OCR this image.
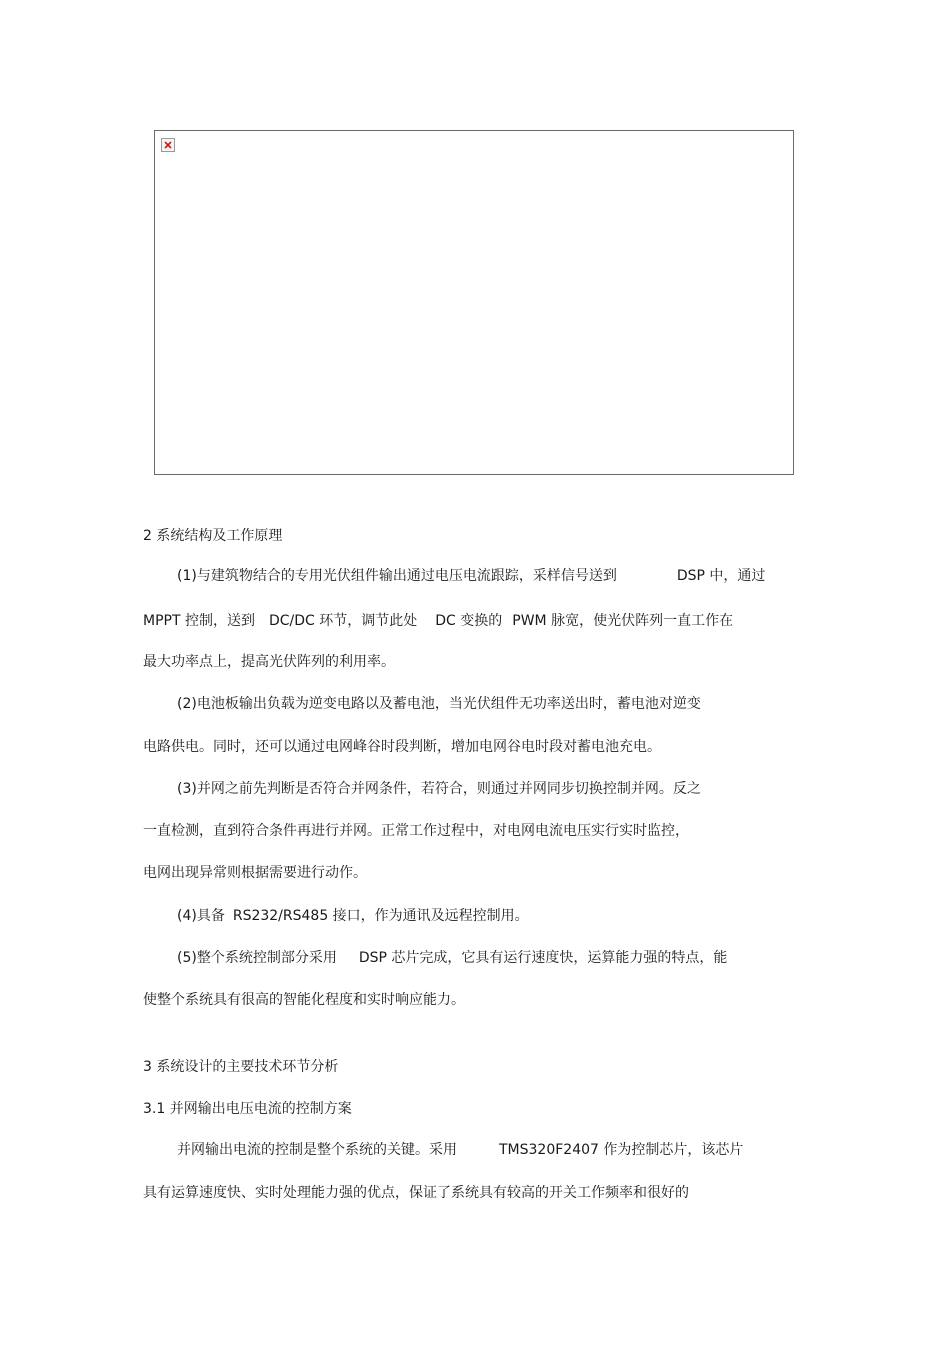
2 系统结构及工作原理
(1)与建筑物结合的专用光伏组件输出通过电压电流跟踪，采样信号送到	DSP 中，通过
MPPT 控制，送到 DC/DC 环节，调节此处 DC 变换的 PWM 脉宽，使光伏阵列一直工作在
最大功率点上，提高光伏阵列的利用率。
(2)电池板输出负载为逆变电路以及蓄电池，当光伏组件无功率送出时，蓄电池对逆变
电路供电。同时，还可以通过电网峰谷时段判断，增加电网谷电时段对蓄电池充电。
(3)并网之前先判断是否符合并网条件，若符合，则通过并网同步切换控制并网。反之
一直检测，直到符合条件再进行并网。正常工作过程中，对电网电流电压实行实时监控，
电网出现异常则根据需要进行动作。
(4)具备 RS232/RS485 接口，作为通讯及远程控制用。
(5)整个系统控制部分采用 DSP 芯片完成，它具有运行速度快，运算能力强的特点，能
使整个系统具有很高的智能化程度和实时响应能力。
3 系统设计的主要技术环节分析
3.1 并网输出电压电流的控制方案
并网输出电流的控制是整个系统的关键。采用	TMS320F2407 作为控制芯片，该芯片
具有运算速度快、实时处理能力强的优点，保证了系统具有较高的开关工作频率和很好的
